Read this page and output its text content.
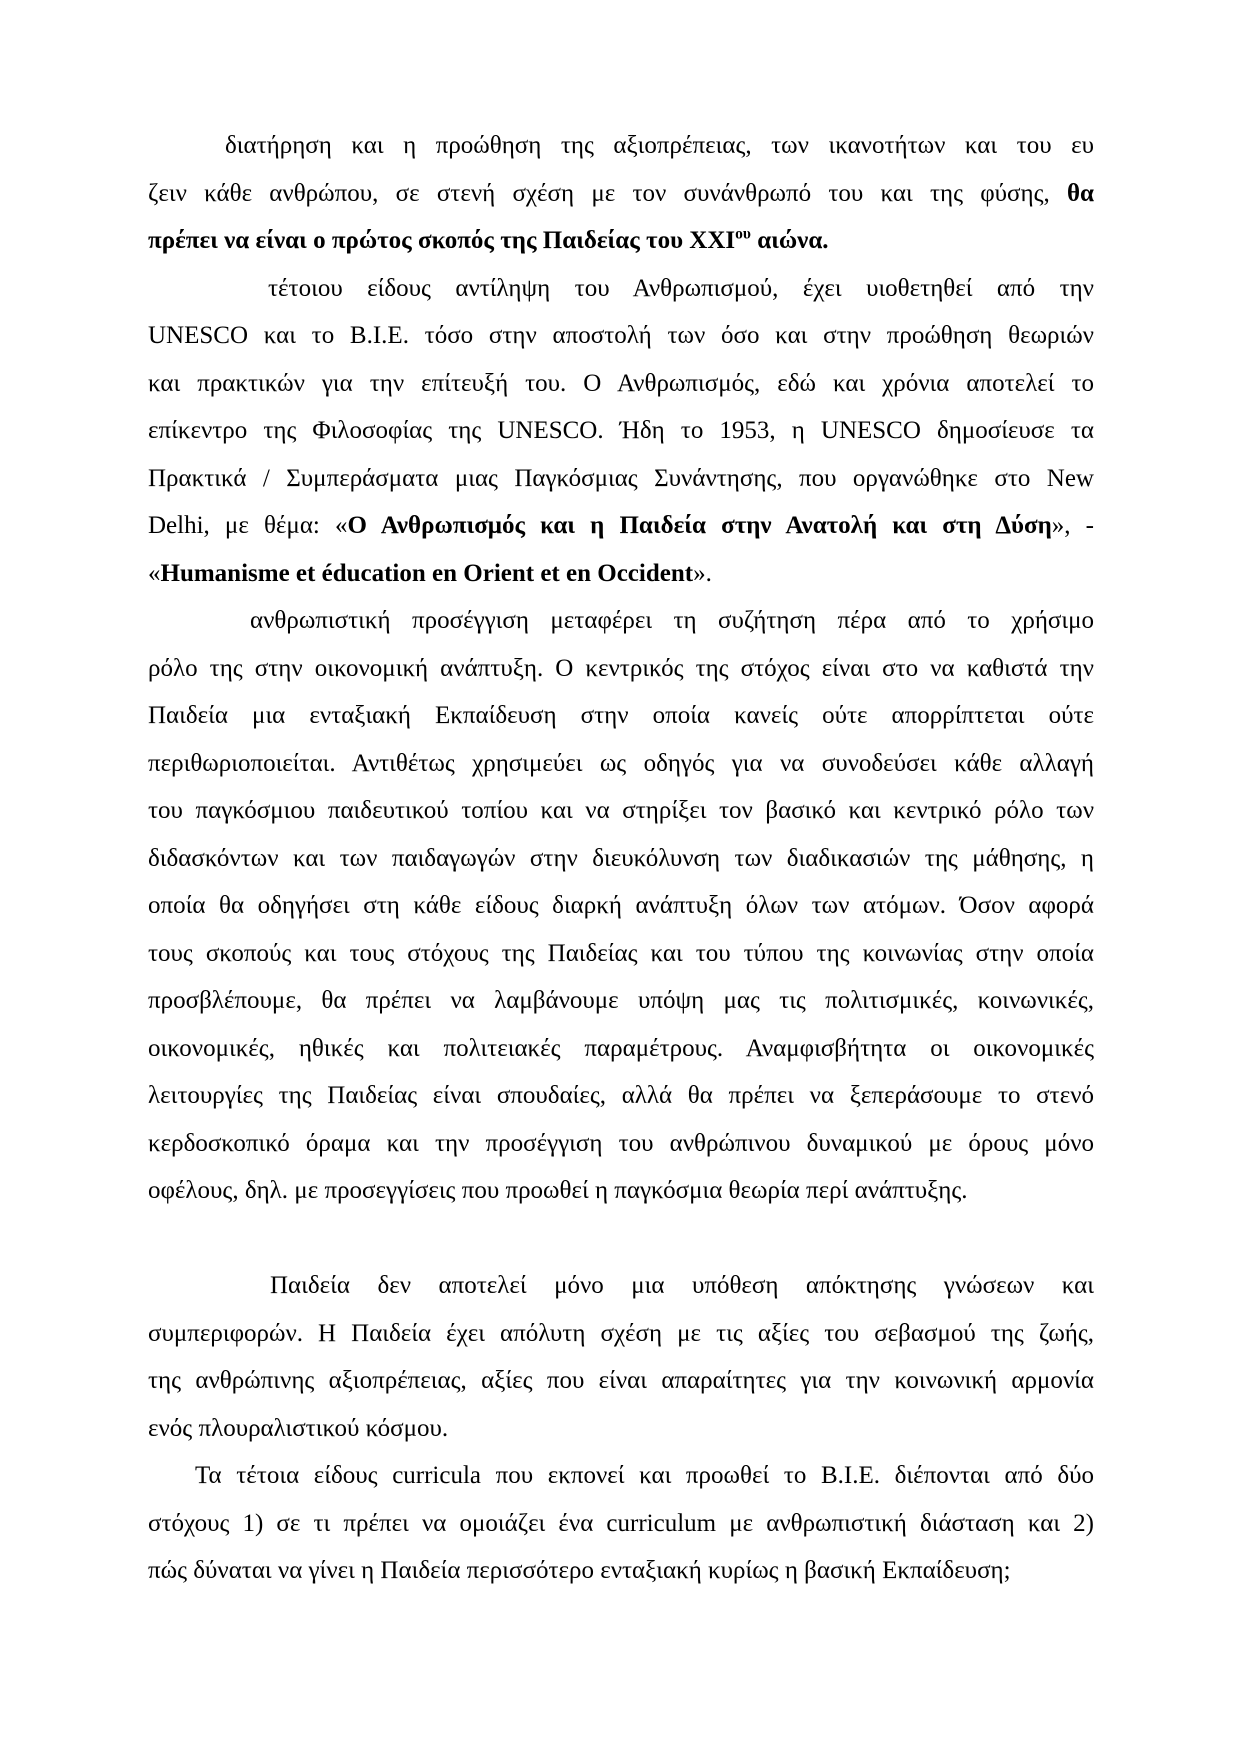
διατήρηση και η προώθηση της αξιοπρέπειας, των ικανοτήτων και του ευ
ζειν κάθε ανθρώπου, σε στενή σχέση με τον συνάνθρωπό του και της φύσης, θα
πρέπει να είναι ο πρώτος σκοπός της Παιδείας του $XXI^{o\upsilon}$ αιώνα.
τέτοιου είδους αντίληψη του Ανθρωπισμού, έχει υιοθετηθεί από την
UNESCO και το B.I.E. τόσο στην αποστολή των όσο και στην προώθηση θεωριών
και πρακτικών για την επίτευξή του. Ο Ανθρωπισμός, εδώ και χρόνια αποτελεί το
επίκεντρο της Φιλοσοφίας της UNESCO. Ήδη το 1953, η UNESCO δημοσίευσε τα
Πρακτικά / Συμπεράσματα μιας Παγκόσμιας Συνάντησης, που οργανώθηκε στο New
Delhi, με θέμα: «Ο Ανθρωπισμός και η Παιδεία στην Ανατολή και στη Δύση», -
«Humanisme et éducation en Orient et en Occident».
ανθρωπιστική προσέγγιση μεταφέρει τη συζήτηση πέρα από το χρήσιμο
ρόλο της στην οικονομική ανάπτυξη. Ο κεντρικός της στόχος είναι στο να καθιστά την
Παιδεία μια ενταξιακή Εκπαίδευση στην οποία κανείς ούτε απορρίπτεται ούτε
περιθωριοποιείται. Αντιθέτως χρησιμεύει ως οδηγός για να συνοδεύσει κάθε αλλαγή
του παγκόσμιου παιδευτικού τοπίου και να στηρίξει τον βασικό και κεντρικό ρόλο των
διδασκόντων και των παιδαγωγών στην διευκόλυνση των διαδικασιών της μάθησης, η
οποία θα οδηγήσει στη κάθε είδους διαρκή ανάπτυξη όλων των ατόμων. Όσον αφορά
τους σκοπούς και τους στόχους της Παιδείας και του τύπου της κοινωνίας στην οποία
προσβλέπουμε, θα πρέπει να λαμβάνουμε υπόψη μας τις πολιτισμικές, κοινωνικές,
οικονομικές, ηθικές και πολιτειακές παραμέτρους. Αναμφισβήτητα οι οικονομικές
λειτουργίες της Παιδείας είναι σπουδαίες, αλλά θα πρέπει να ξεπεράσουμε το στενό
κερδοσκοπικό όραμα και την προσέγγιση του ανθρώπινου δυναμικού με όρους μόνο
οφέλους, δηλ. με προσεγγίσεις που προωθεί η παγκόσμια θεωρία περί ανάπτυξης.
Παιδεία δεν αποτελεί μόνο μια υπόθεση απόκτησης γνώσεων και
συμπεριφορών. Η Παιδεία έχει απόλυτη σχέση με τις αξίες του σεβασμού της ζωής,
της ανθρώπινης αξιοπρέπειας, αξίες που είναι απαραίτητες για την κοινωνική αρμονία
ενός πλουραλιστικού κόσμου.
Τα τέτοια είδους curricula που εκπονεί και προωθεί το B.I.E. διέπονται από δύο
στόχους 1) σε τι πρέπει να ομοιάζει ένα curriculum με ανθρωπιστική διάσταση και 2)
πώς δύναται να γίνει η Παιδεία περισσότερο ενταξιακή κυρίως η βασική Εκπαίδευση;
